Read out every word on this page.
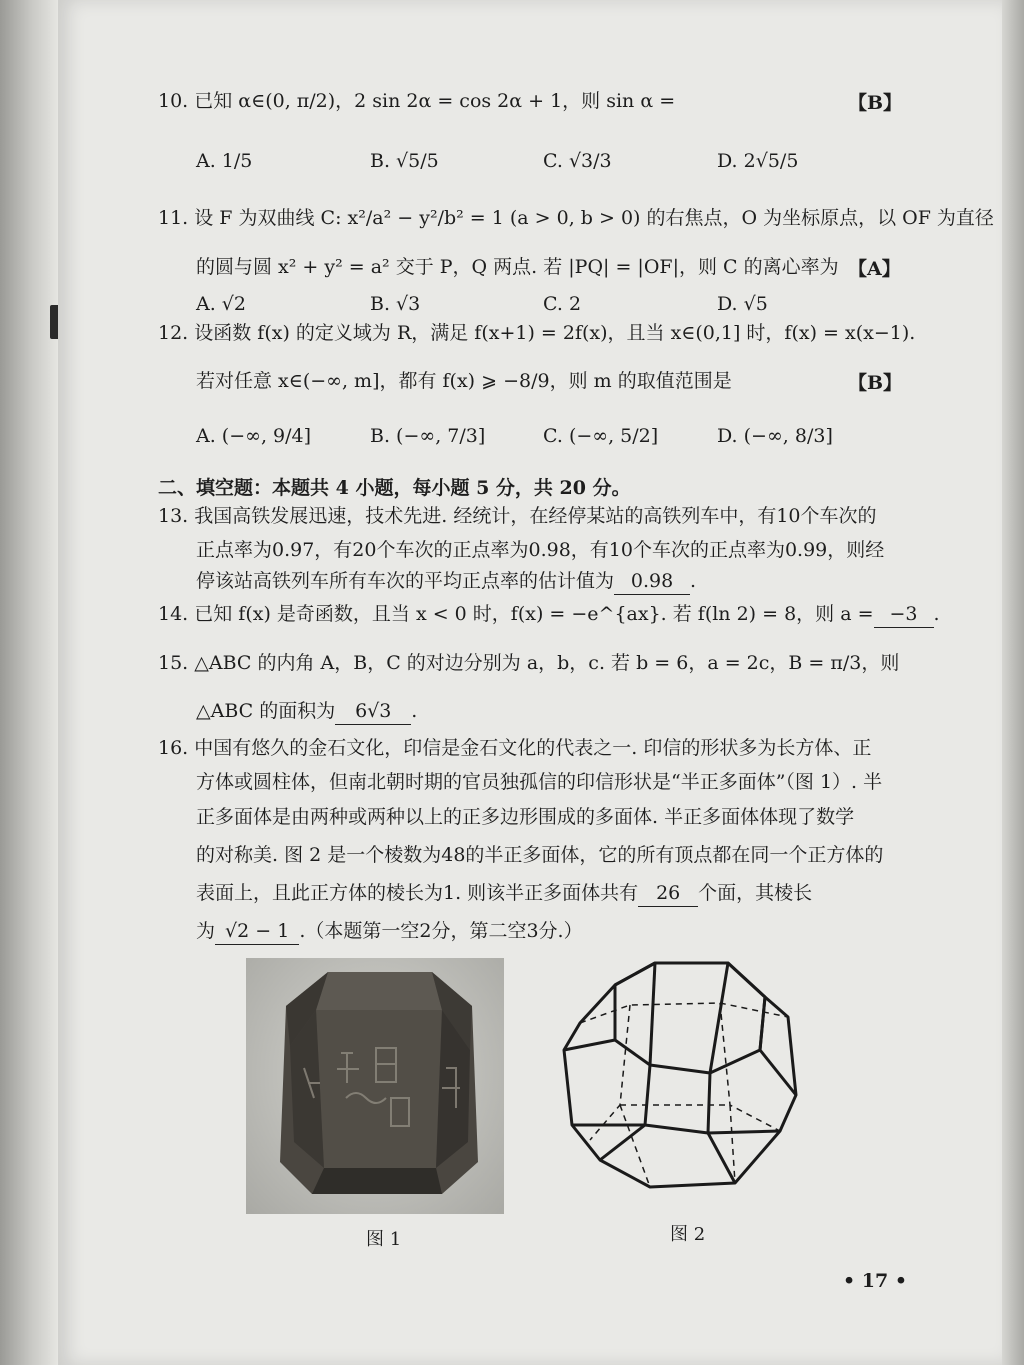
10. 已知 α∈(0, π/2)，2 sin 2α = cos 2α + 1，则 sin α =	【B】
A. 1/5	B. √5/5	C. √3/3	D. 2√5/5
11. 设 F 为双曲线 C: x²/a² − y²/b² = 1 (a > 0, b > 0) 的右焦点，O 为坐标原点，以 OF 为直径
的圆与圆 x² + y² = a² 交于 P，Q 两点. 若 |PQ| = |OF|，则 C 的离心率为 【A】
A. √2	B. √3	C. 2	D. √5
12. 设函数 f(x) 的定义域为 R，满足 f(x+1) = 2f(x)，且当 x∈(0,1] 时，f(x) = x(x−1).
若对任意 x∈(−∞, m]，都有 f(x) ⩾ −8/9，则 m 的取值范围是	【B】
A. (−∞, 9/4]	B. (−∞, 7/3]	C. (−∞, 5/2]	D. (−∞, 8/3]
二、填空题：本题共 4 小题，每小题 5 分，共 20 分。
13. 我国高铁发展迅速，技术先进. 经统计，在经停某站的高铁列车中，有10个车次的
正点率为0.97，有20个车次的正点率为0.98，有10个车次的正点率为0.99，则经
停该站高铁列车所有车次的平均正点率的估计值为 0.98 .
14. 已知 f(x) 是奇函数，且当 x < 0 时，f(x) = −e^{ax}. 若 f(ln 2) = 8，则 a = −3 .
15. △ABC 的内角 A，B，C 的对边分别为 a，b，c. 若 b = 6，a = 2c，B = π/3，则
△ABC 的面积为 6√3 .
16. 中国有悠久的金石文化，印信是金石文化的代表之一. 印信的形状多为长方体、正
方体或圆柱体，但南北朝时期的官员独孤信的印信形状是“半正多面体”（图 1）. 半
正多面体是由两种或两种以上的正多边形围成的多面体. 半正多面体体现了数学
的对称美. 图 2 是一个棱数为48的半正多面体，它的所有顶点都在同一个正方体的
表面上，且此正方体的棱长为1. 则该半正多面体共有 26 个面，其棱长
为 √2 − 1 .（本题第一空2分，第二空3分.）
图 1	图 2
• 17 •
